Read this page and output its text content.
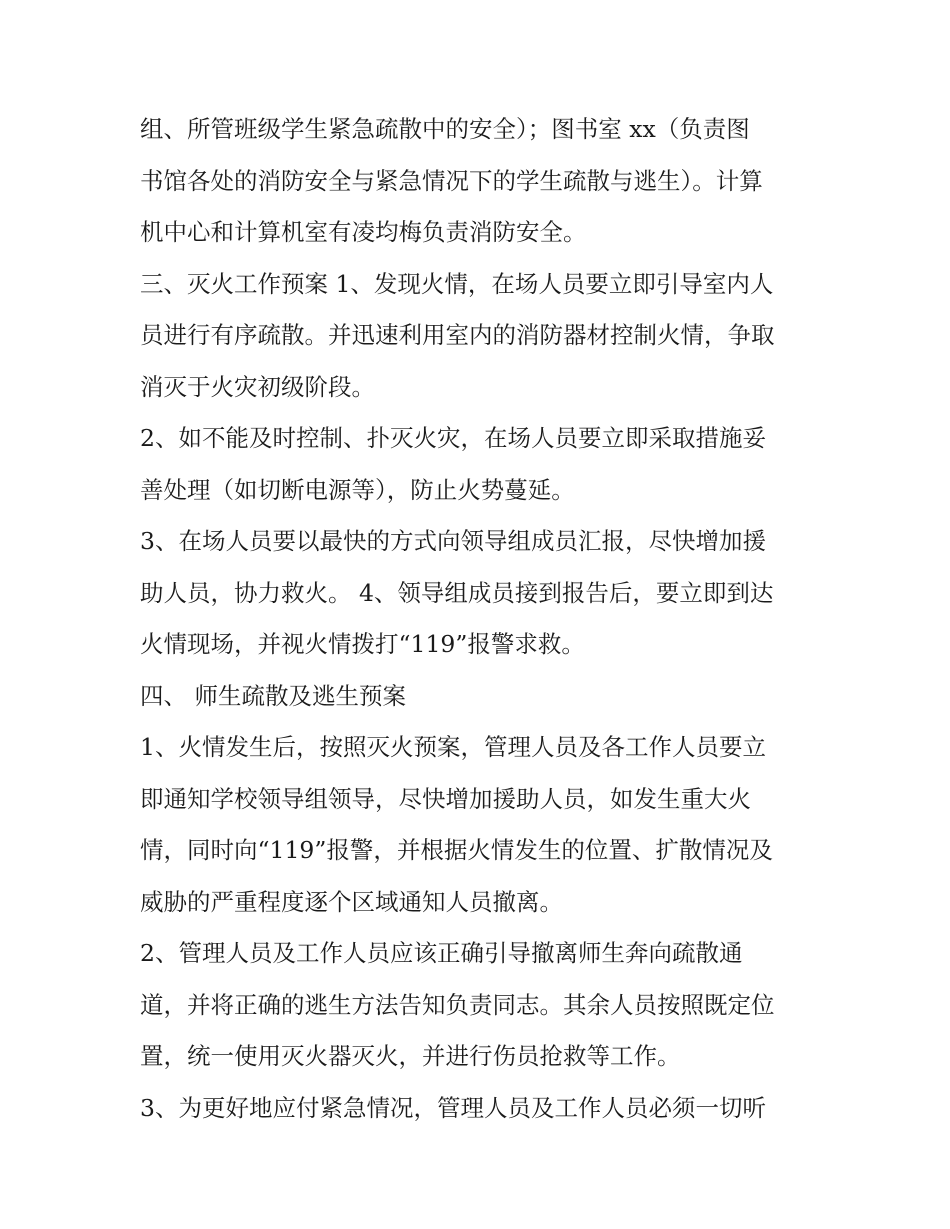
组、所管班级学生紧急疏散中的安全）；图书室 xx（负责图
书馆各处的消防安全与紧急情况下的学生疏散与逃生）。计算
机中心和计算机室有凌均梅负责消防安全。
三、灭火工作预案 1、发现火情，在场人员要立即引导室内人
员进行有序疏散。并迅速利用室内的消防器材控制火情，争取
消灭于火灾初级阶段。
2、如不能及时控制、扑灭火灾，在场人员要立即采取措施妥
善处理（如切断电源等），防止火势蔓延。
3、在场人员要以最快的方式向领导组成员汇报，尽快增加援
助人员，协力救火。 4、领导组成员接到报告后，要立即到达
火情现场，并视火情拨打“119”报警求救。
四、 师生疏散及逃生预案
1、火情发生后，按照灭火预案，管理人员及各工作人员要立
即通知学校领导组领导，尽快增加援助人员，如发生重大火
情，同时向“119”报警，并根据火情发生的位置、扩散情况及
威胁的严重程度逐个区域通知人员撤离。
2、管理人员及工作人员应该正确引导撤离师生奔向疏散通
道，并将正确的逃生方法告知负责同志。其余人员按照既定位
置，统一使用灭火器灭火，并进行伤员抢救等工作。
3、为更好地应付紧急情况，管理人员及工作人员必须一切听
